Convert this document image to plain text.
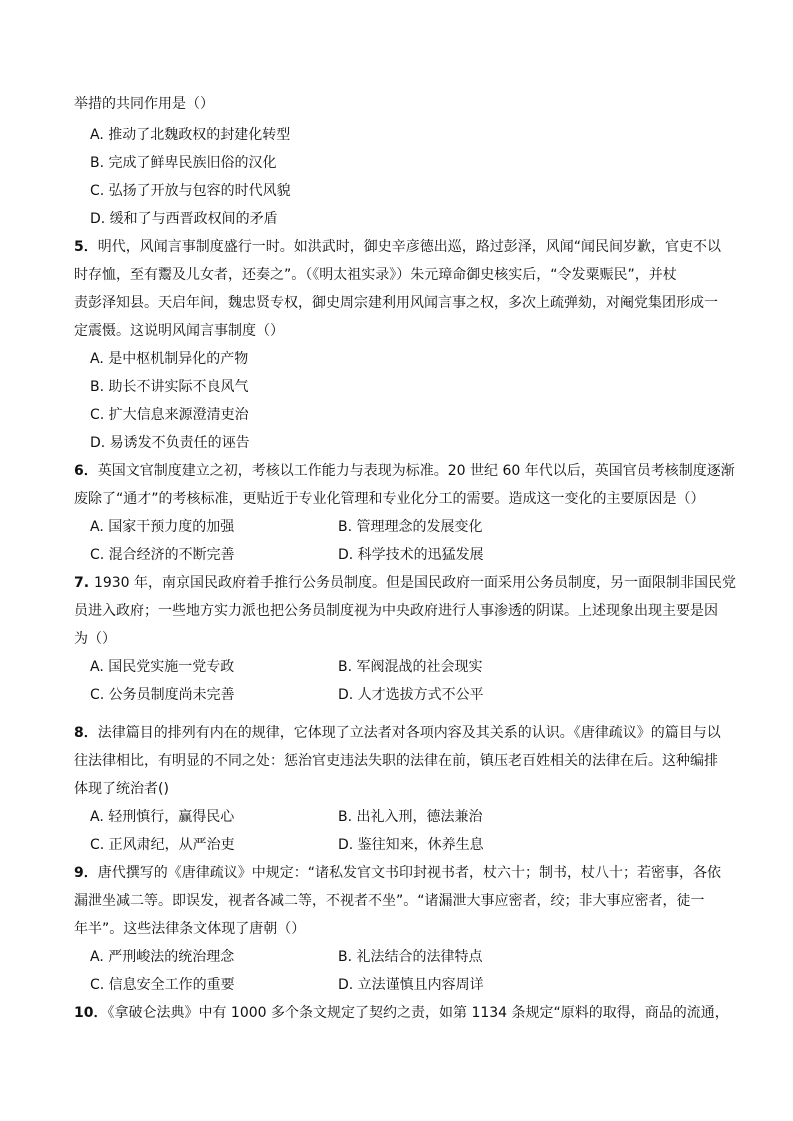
举措的共同作用是（）
A. 推动了北魏政权的封建化转型
B. 完成了鲜卑民族旧俗的汉化
C. 弘扬了开放与包容的时代风貌
D. 缓和了与西晋政权间的矛盾
5．明代，风闻言事制度盛行一时。如洪武时，御史辛彦德出巡，路过彭泽，风闻“闻民间岁歉，官吏不以
时存恤，至有鬻及儿女者，还奏之”。（《明太祖实录》）朱元璋命御史核实后，“令发粟赈民”，并杖
责彭泽知县。天启年间，魏忠贤专权，御史周宗建利用风闻言事之权，多次上疏弹劾，对阉党集团形成一
定震慑。这说明风闻言事制度（）
A. 是中枢机制异化的产物
B. 助长不讲实际不良风气
C. 扩大信息来源澄清吏治
D. 易诱发不负责任的诬告
6．英国文官制度建立之初，考核以工作能力与表现为标准。20 世纪 60 年代以后，英国官员考核制度逐渐
废除了“通才”的考核标准，更贴近于专业化管理和专业化分工的需要。造成这一变化的主要原因是（）
A. 国家干预力度的加强	B. 管理理念的发展变化
C. 混合经济的不断完善	D. 科学技术的迅猛发展
7. 1930 年，南京国民政府着手推行公务员制度。但是国民政府一面采用公务员制度，另一面限制非国民党
员进入政府；一些地方实力派也把公务员制度视为中央政府进行人事渗透的阴谋。上述现象出现主要是因
为（）
A. 国民党实施一党专政	B. 军阀混战的社会现实
C. 公务员制度尚未完善	D. 人才选拔方式不公平
8．法律篇目的排列有内在的规律，它体现了立法者对各项内容及其关系的认识。《唐律疏议》的篇目与以
往法律相比，有明显的不同之处：惩治官吏违法失职的法律在前，镇压老百姓相关的法律在后。这种编排
体现了统治者()
A. 轻刑慎行，赢得民心	B. 出礼入刑，德法兼治
C. 正风肃纪，从严治吏	D. 鉴往知来，休养生息
9．唐代撰写的《唐律疏议》中规定：“诸私发官文书印封视书者，杖六十；制书，杖八十；若密事，各依
漏泄坐减二等。即误发，视者各减二等，不视者不坐”。“诸漏泄大事应密者，绞；非大事应密者，徒一
年半”。这些法律条文体现了唐朝（）
A. 严刑峻法的统治理念	B. 礼法结合的法律特点
C. 信息安全工作的重要	D. 立法谨慎且内容周详
10．《拿破仑法典》中有 1000 多个条文规定了契约之责，如第 1134 条规定“原料的取得，商品的流通，
